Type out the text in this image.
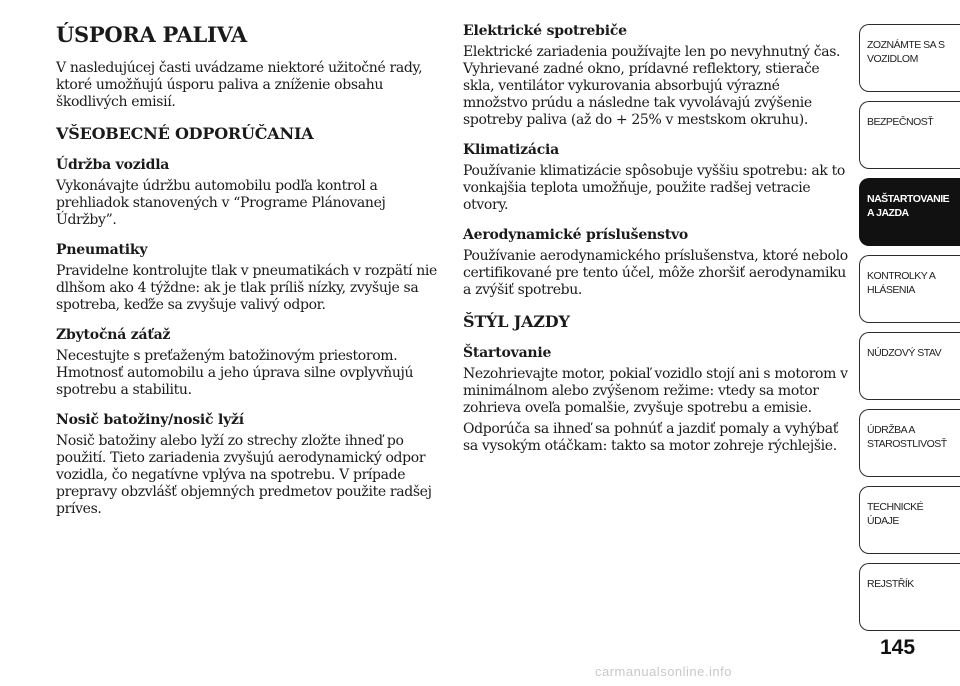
ÚSPORA PALIVA

V nasledujúcej časti uvádzame niektoré užitočné rady, ktoré umožňujú úsporu paliva a zníženie obsahu škodlivých emisií.

VŠEOBECNÉ ODPORÚČANIA
Údržba vozidla

Vykonávajte údržbu automobilu podľa kontrol a prehliadok stanovených v “Programe Plánovanej Údržby”.

Pneumatiky

Pravidelne kontrolujte tlak v pneumatikách v rozpätí nie dlhšom ako 4 týždne: ak je tlak príliš nízky, zvyšuje sa spotreba, keďže sa zvyšuje valivý odpor.

Zbytočná záťaž

Necestujte s preťaženým batožinovým priestorom. Hmotnosť automobilu a jeho úprava silne ovplyvňujú spotrebu a stabilitu.

Nosič batožiny/nosič lyží

Nosič batožiny alebo lyží zo strechy zložte ihneď po použití. Tieto zariadenia zvyšujú aerodynamický odpor vozidla, čo negatívne vplýva na spotrebu. V prípade prepravy obzvlášť objemných predmetov použite radšej príves.

Elektrické spotrebiče

Elektrické zariadenia používajte len po nevyhnutný čas. Vyhrievané zadné okno, prídavné reflektory, stierače skla, ventilátor vykurovania absorbujú výrazné množstvo prúdu a následne tak vyvolávajú zvýšenie spotreby paliva (až do + 25% v mestskom okruhu).

Klimatizácia

Používanie klimatizácie spôsobuje vyššiu spotrebu: ak to vonkajšia teplota umožňuje, použite radšej vetracie otvory.

Aerodynamické príslušenstvo

Používanie aerodynamického príslušenstva, ktoré nebolo certifikované pre tento účel, môže zhoršiť aerodynamiku a zvýšiť spotrebu.

ŠTÝL JAZDY
Štartovanie

Nezohrievajte motor, pokiaľ vozidlo stojí ani s motorom v minimálnom alebo zvýšenom režime: vtedy sa motor zohrieva oveľa pomalšie, zvyšuje spotrebu a emisie.

Odporúča sa ihneď sa pohnúť a jazdiť pomaly a vyhýbať sa vysokým otáčkam: takto sa motor zohreje rýchlejšie.

ZOZNÁMTE SA S VOZIDLOM
BEZPEČNOSŤ
NAŠTARTOVANIE A JAZDA
KONTROLKY A HLÁSENIA
NÚDZOVÝ STAV
ÚDRŽBA A STAROSTLIVOSŤ
TECHNICKÉ ÚDAJE
REJSTŘÍK
145
carmanualsonline.info
